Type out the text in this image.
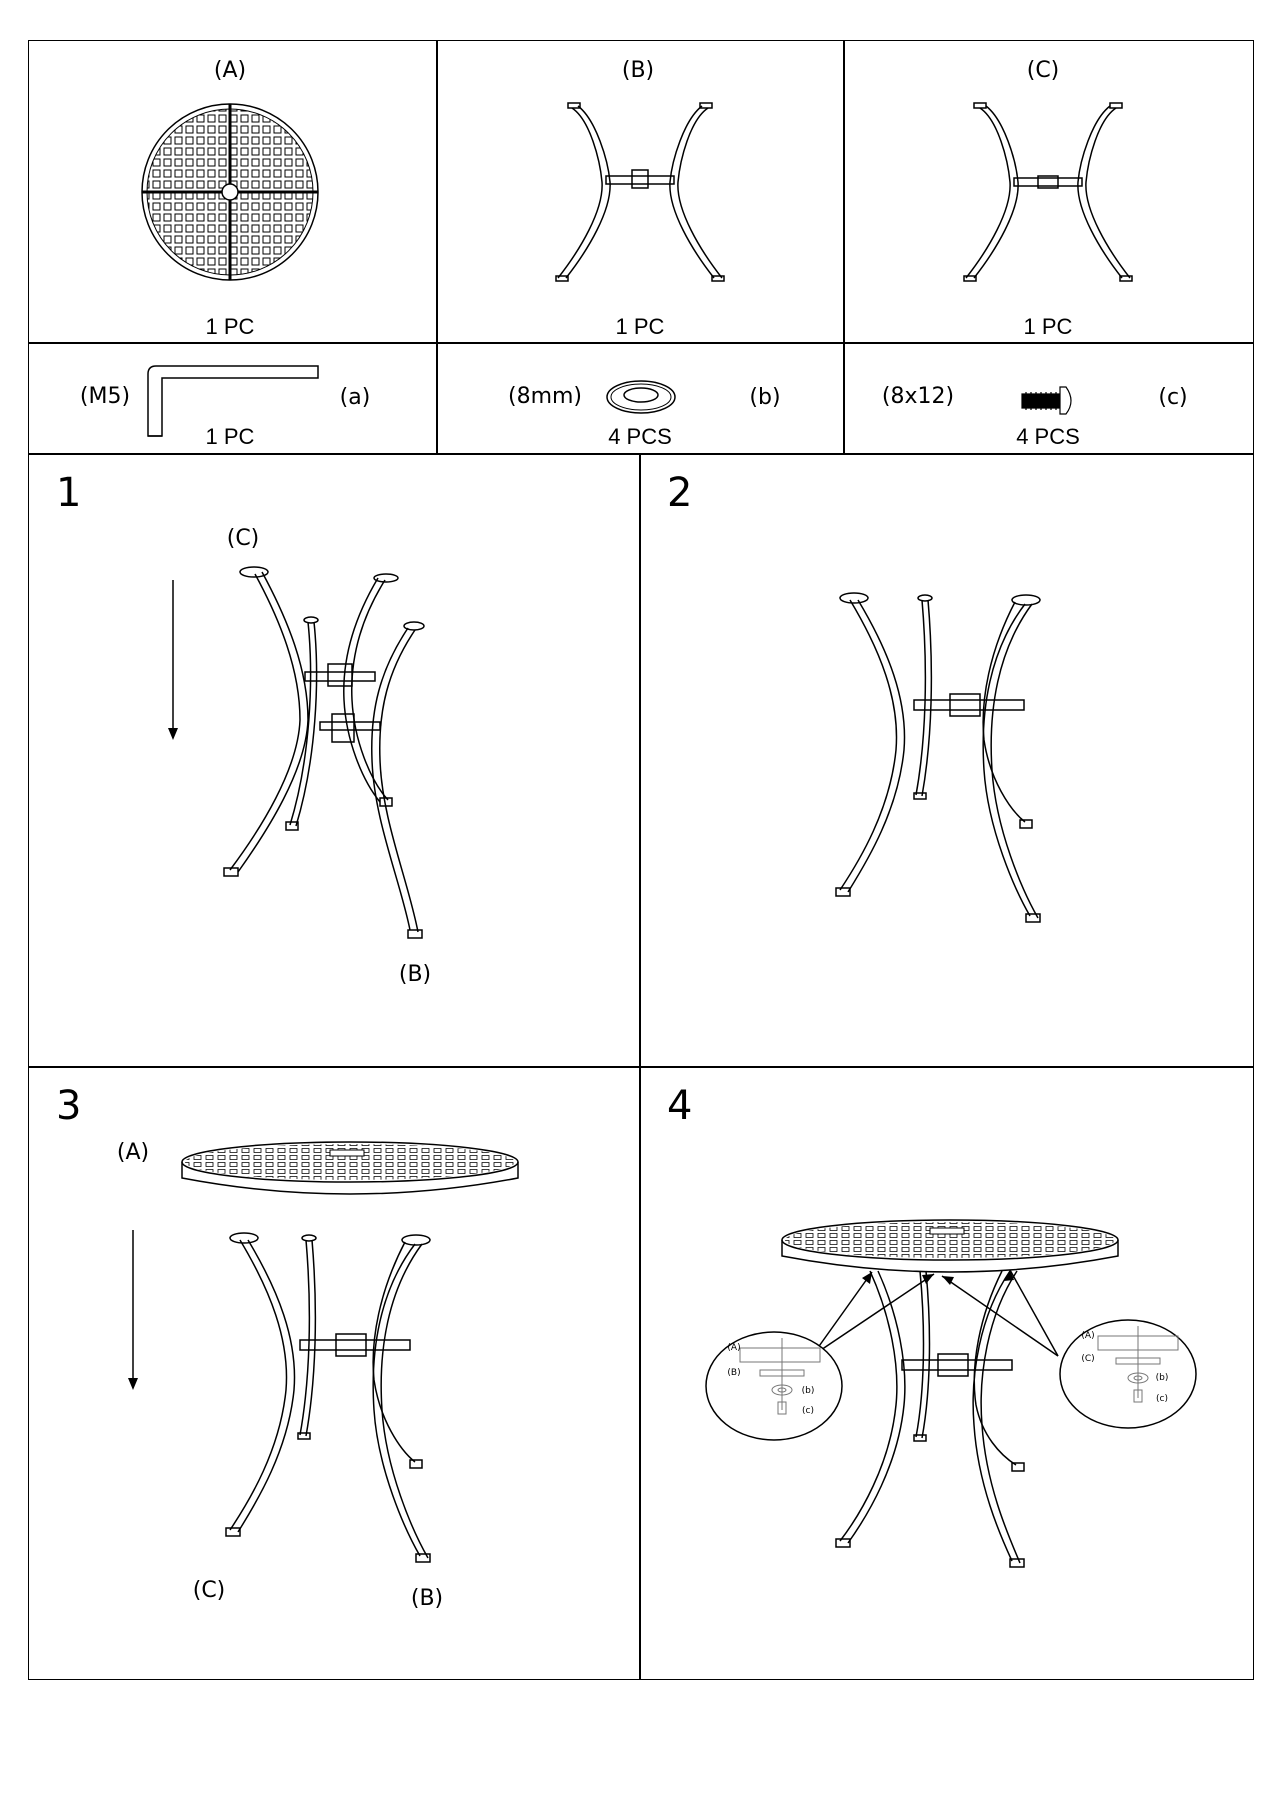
(A)
1 PC
(B)
1 PC
(C)
1 PC
(M5)	(a)
1 PC
(8mm)	(b)
4 PCS
(8x12)	(c)
4 PCS
1
(C)
(B)
2
3
(A)
(C)	(B)
4
(A)
(B)
(b)
(c)
(A)
(C)
(b)
(c)
